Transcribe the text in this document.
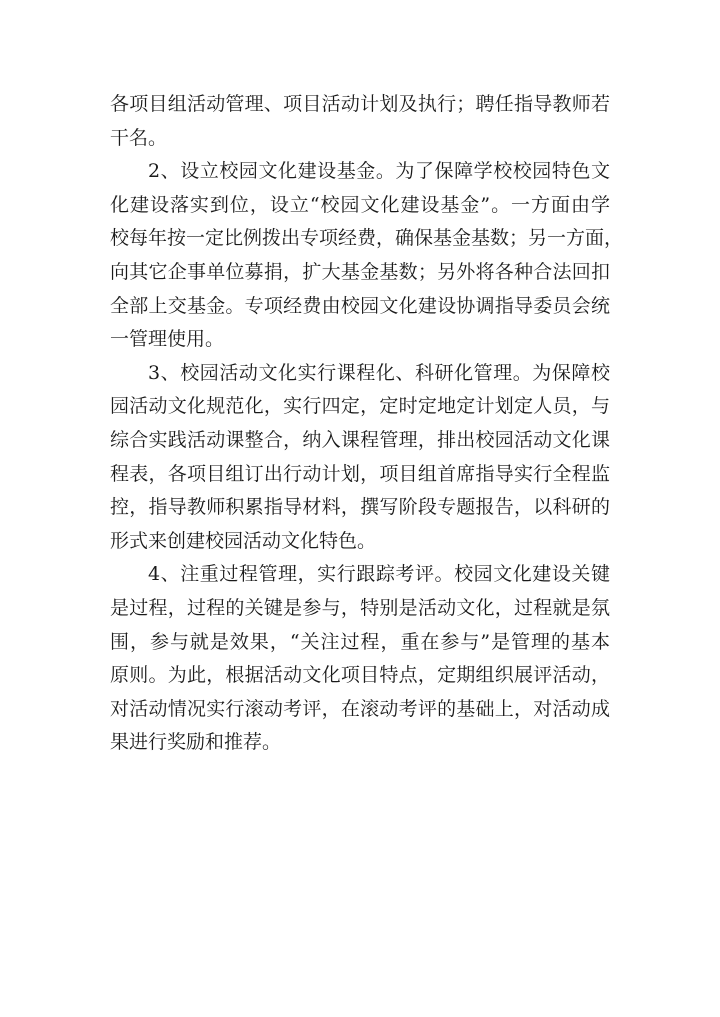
各项目组活动管理、项目活动计划及执行；聘任指导教师若
干名。
2、设立校园文化建设基金。为了保障学校校园特色文
化建设落实到位，设立“校园文化建设基金”。一方面由学
校每年按一定比例拨出专项经费，确保基金基数；另一方面，
向其它企事单位募捐，扩大基金基数；另外将各种合法回扣
全部上交基金。专项经费由校园文化建设协调指导委员会统
一管理使用。
3、校园活动文化实行课程化、科研化管理。为保障校
园活动文化规范化，实行四定，定时定地定计划定人员，与
综合实践活动课整合，纳入课程管理，排出校园活动文化课
程表，各项目组订出行动计划，项目组首席指导实行全程监
控，指导教师积累指导材料，撰写阶段专题报告，以科研的
形式来创建校园活动文化特色。
4、注重过程管理，实行跟踪考评。校园文化建设关键
是过程，过程的关键是参与，特别是活动文化，过程就是氛
围，参与就是效果，“关注过程，重在参与”是管理的基本
原则。为此，根据活动文化项目特点，定期组织展评活动，
对活动情况实行滚动考评，在滚动考评的基础上，对活动成
果进行奖励和推荐。
